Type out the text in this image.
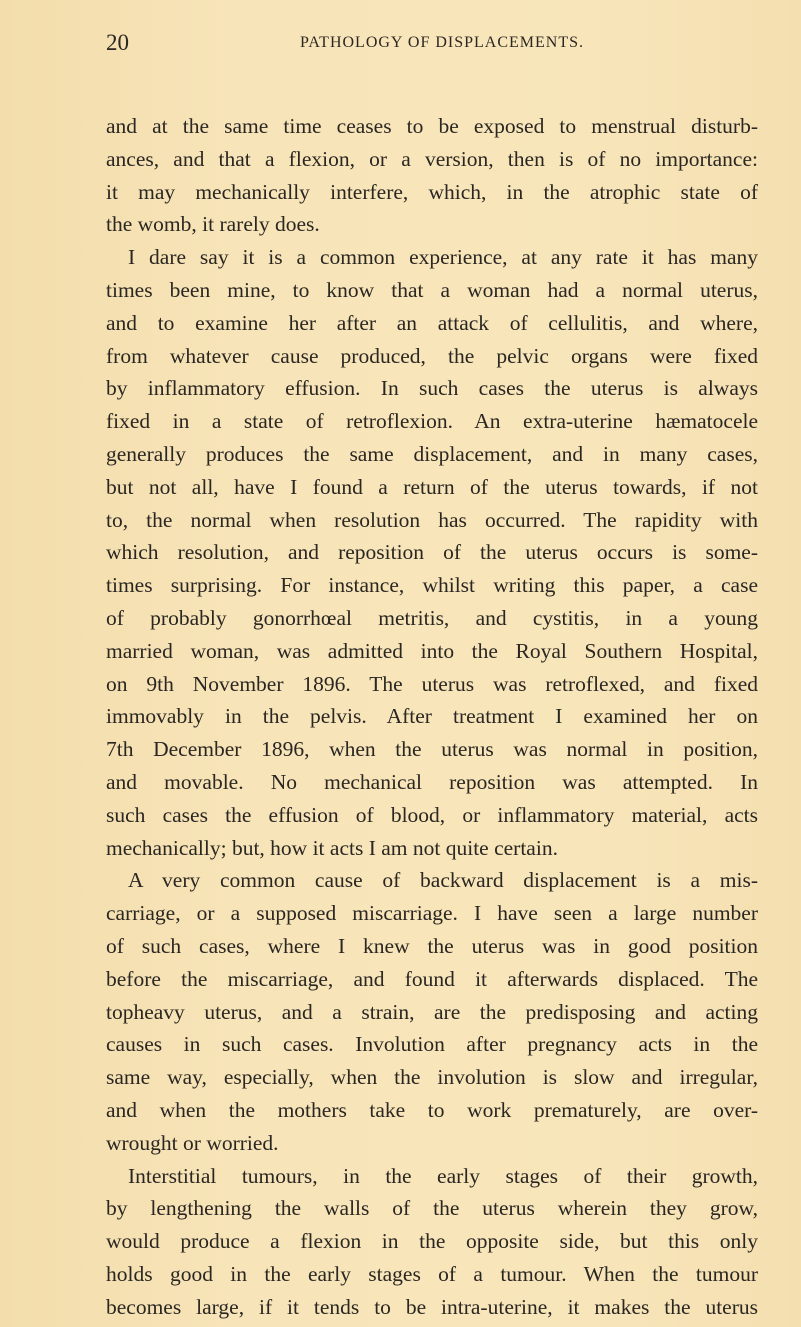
20	PATHOLOGY OF DISPLACEMENTS.
and at the same time ceases to be exposed to menstrual disturb-
ances, and that a flexion, or a version, then is of no importance:
it may mechanically interfere, which, in the atrophic state of
the womb, it rarely does.
I dare say it is a common experience, at any rate it has many
times been mine, to know that a woman had a normal uterus,
and to examine her after an attack of cellulitis, and where,
from whatever cause produced, the pelvic organs were fixed
by inflammatory effusion. In such cases the uterus is always
fixed in a state of retroflexion. An extra-uterine hæmatocele
generally produces the same displacement, and in many cases,
but not all, have I found a return of the uterus towards, if not
to, the normal when resolution has occurred. The rapidity with
which resolution, and reposition of the uterus occurs is some-
times surprising. For instance, whilst writing this paper, a case
of probably gonorrhœal metritis, and cystitis, in a young
married woman, was admitted into the Royal Southern Hospital,
on 9th November 1896. The uterus was retroflexed, and fixed
immovably in the pelvis. After treatment I examined her on
7th December 1896, when the uterus was normal in position,
and movable. No mechanical reposition was attempted. In
such cases the effusion of blood, or inflammatory material, acts
mechanically; but, how it acts I am not quite certain.
A very common cause of backward displacement is a mis-
carriage, or a supposed miscarriage. I have seen a large number
of such cases, where I knew the uterus was in good position
before the miscarriage, and found it afterwards displaced. The
topheavy uterus, and a strain, are the predisposing and acting
causes in such cases. Involution after pregnancy acts in the
same way, especially, when the involution is slow and irregular,
and when the mothers take to work prematurely, are over-
wrought or worried.
Interstitial tumours, in the early stages of their growth,
by lengthening the walls of the uterus wherein they grow,
would produce a flexion in the opposite side, but this only
holds good in the early stages of a tumour. When the tumour
becomes large, if it tends to be intra-uterine, it makes the uterus
